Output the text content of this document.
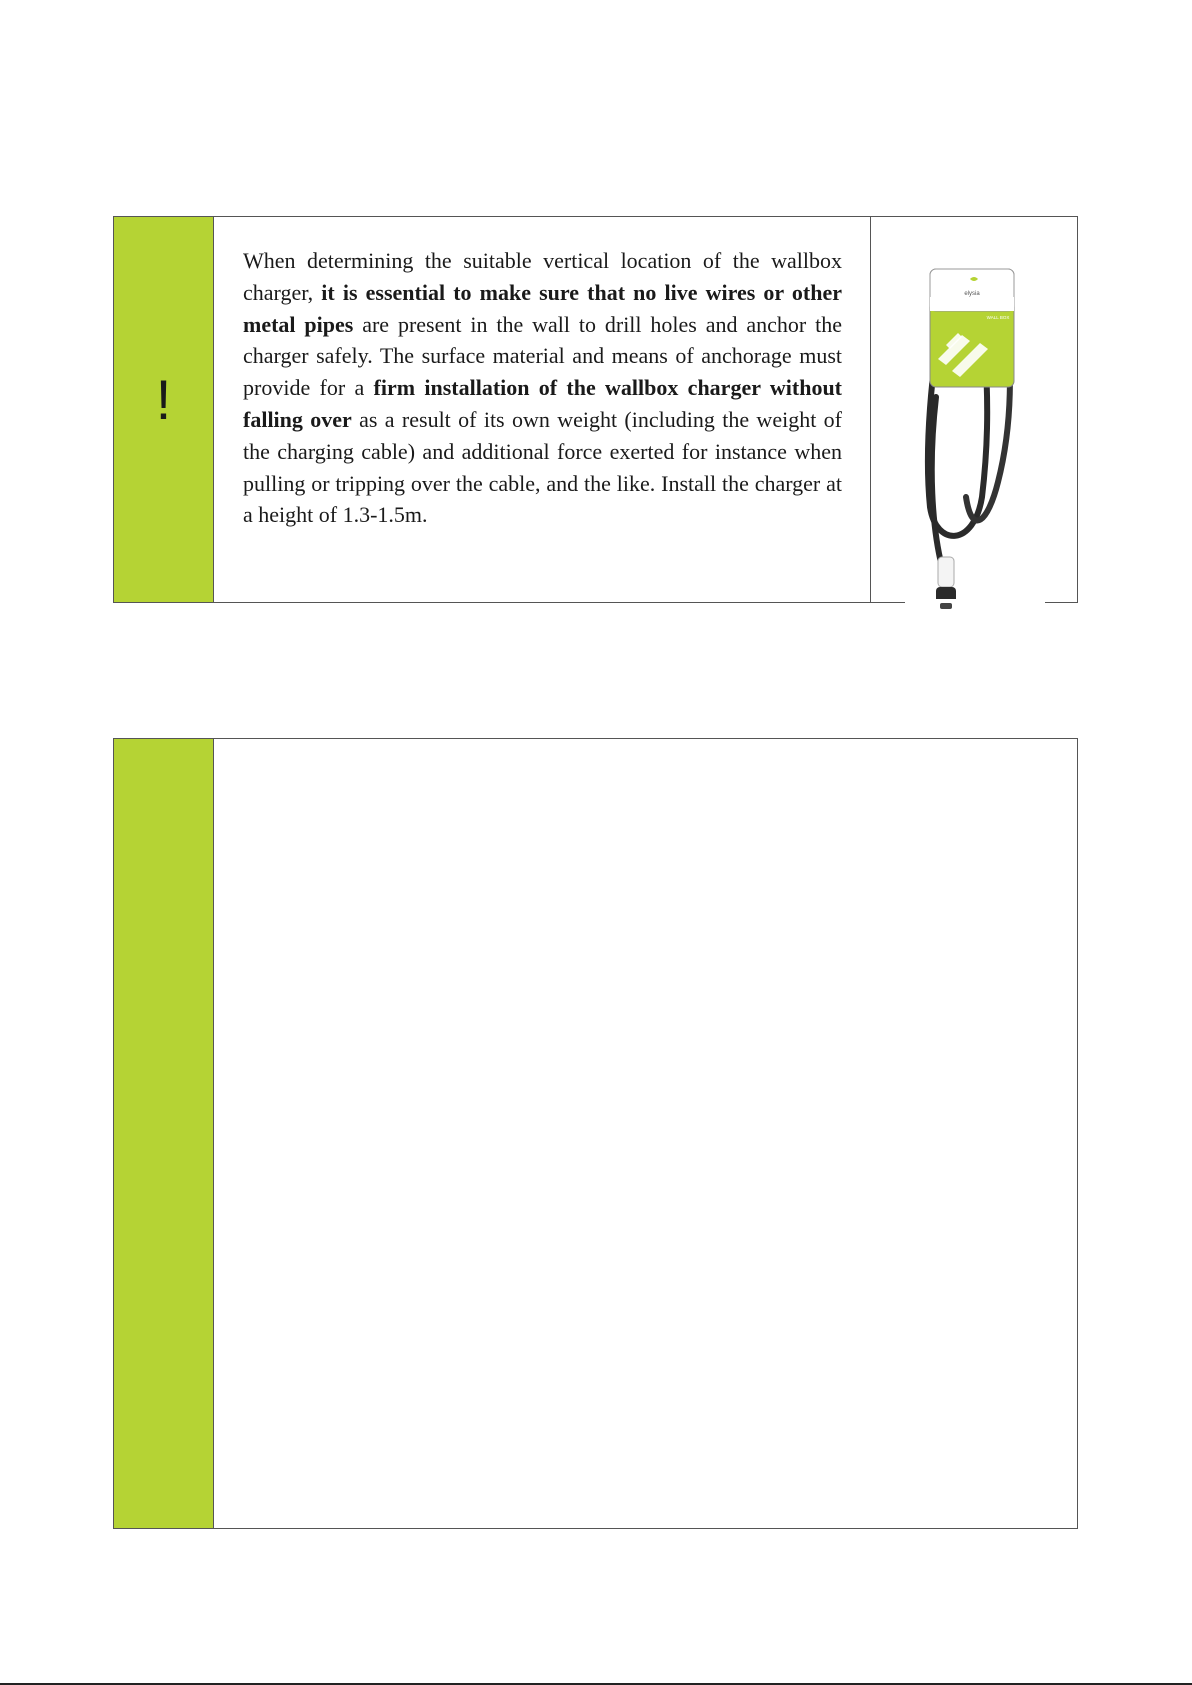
!
When determining the suitable vertical location of the wallbox charger, it is essential to make sure that no live wires or other metal pipes are present in the wall to drill holes and anchor the charger safely. The surface material and means of anchorage must provide for a firm installation of the wallbox charger without falling over as a result of its own weight (including the weight of the charging cable) and additional force exerted for instance when pulling or tripping over the cable, and the like. Install the charger at a height of 1.3-1.5m.
elysia
WALL BOX
